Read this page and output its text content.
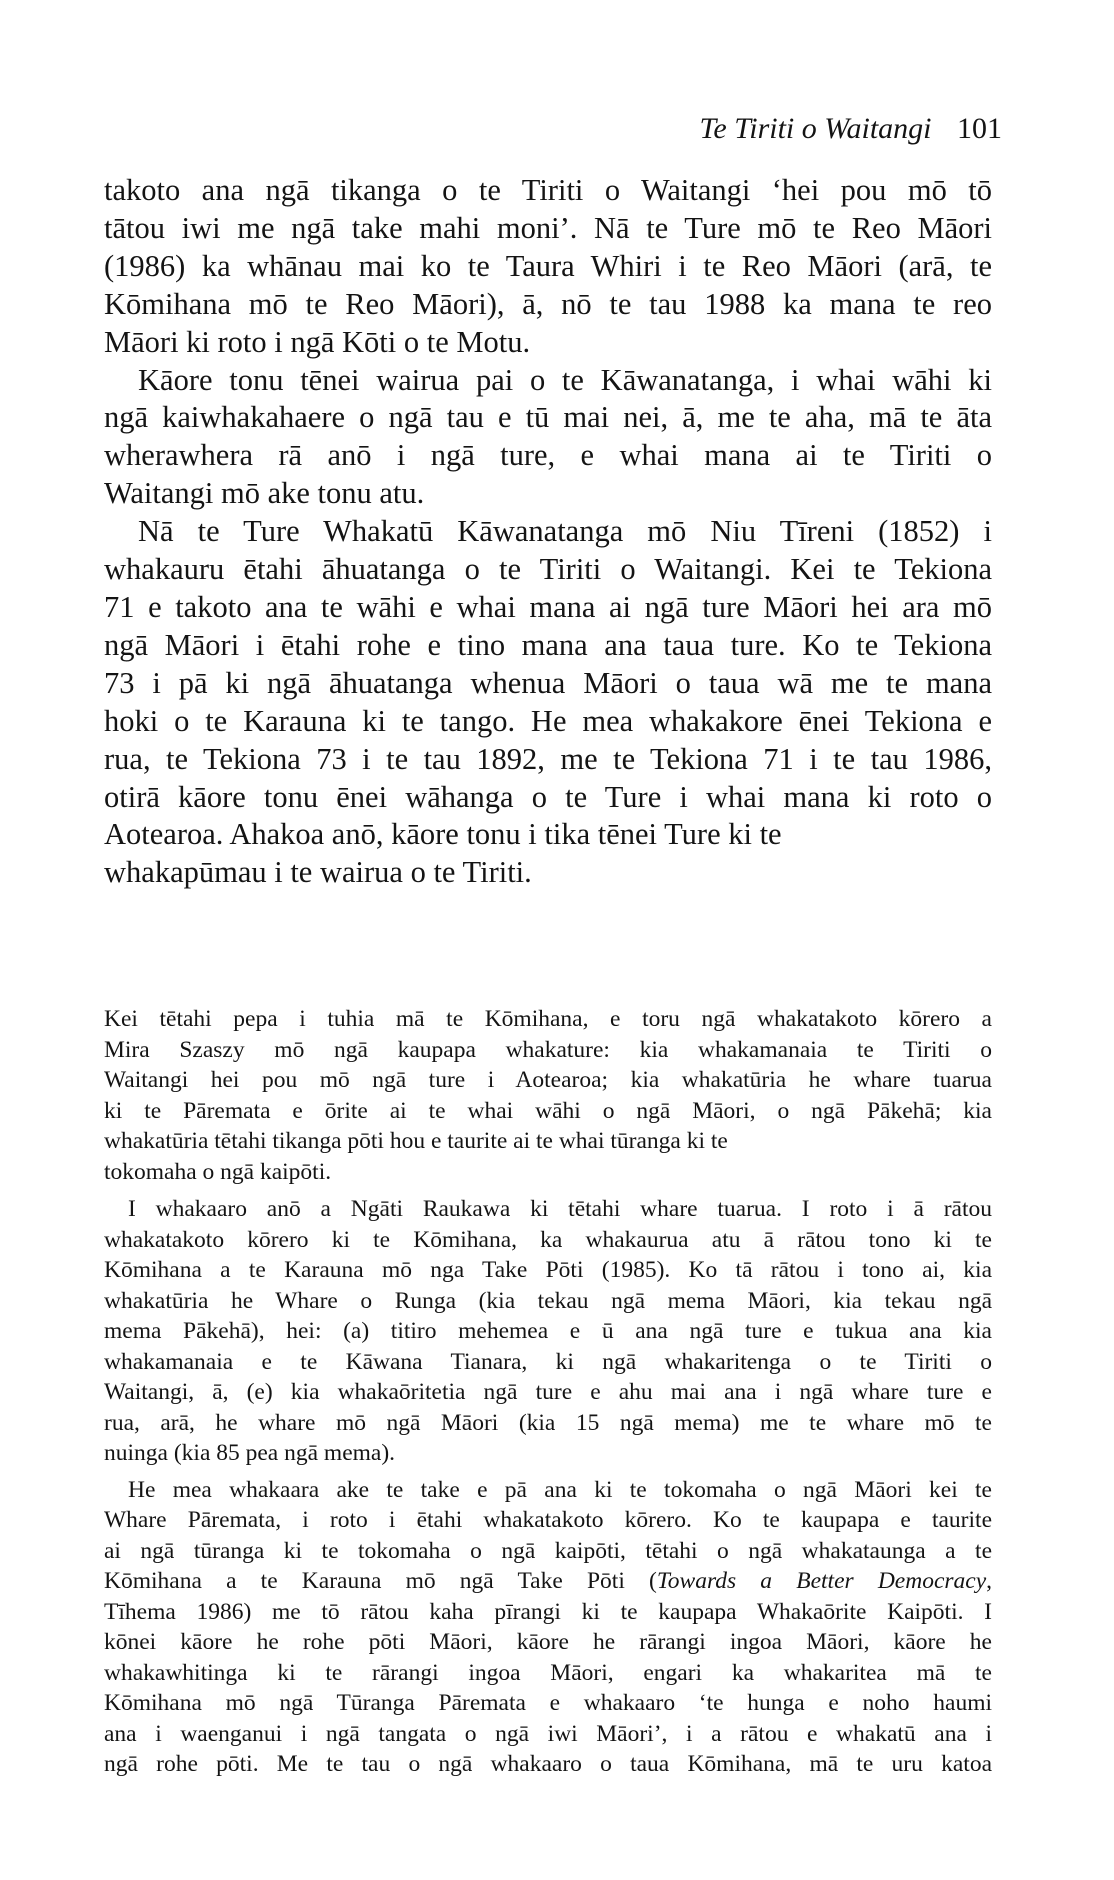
Te Tiriti o Waitangi 101

takoto ana ngā tikanga o te Tiriti o Waitangi ‘hei pou mō tō
tātou iwi me ngā take mahi moni’. Nā te Ture mō te Reo Māori
(1986) ka whānau mai ko te Taura Whiri i te Reo Māori (arā, te
Kōmihana mō te Reo Māori), ā, nō te tau 1988 ka mana te reo
Māori ki roto i ngā Kōti o te Motu.

Kāore tonu tēnei wairua pai o te Kāwanatanga, i whai wāhi ki
ngā kaiwhakahaere o ngā tau e tū mai nei, ā, me te aha, mā te āta
wherawhera rā anō i ngā ture, e whai mana ai te Tiriti o
Waitangi mō ake tonu atu.

Nā te Ture Whakatū Kāwanatanga mō Niu Tīreni (1852) i
whakauru ētahi āhuatanga o te Tiriti o Waitangi. Kei te Tekiona
71 e takoto ana te wāhi e whai mana ai ngā ture Māori hei ara mō
ngā Māori i ētahi rohe e tino mana ana taua ture. Ko te Tekiona
73 i pā ki ngā āhuatanga whenua Māori o taua wā me te mana
hoki o te Karauna ki te tango. He mea whakakore ēnei Tekiona e
rua, te Tekiona 73 i te tau 1892, me te Tekiona 71 i te tau 1986,
otirā kāore tonu ēnei wāhanga o te Ture i whai mana ki roto o
Aotearoa. Ahakoa anō, kāore tonu i tika tēnei Ture ki te
whakapūmau i te wairua o te Tiriti.

Kei tētahi pepa i tuhia mā te Kōmihana, e toru ngā whakatakoto kōrero a
Mira Szaszy mō ngā kaupapa whakature: kia whakamanaia te Tiriti o
Waitangi hei pou mō ngā ture i Aotearoa; kia whakatūria he whare tuarua
ki te Pāremata e ōrite ai te whai wāhi o ngā Māori, o ngā Pākehā; kia
whakatūria tētahi tikanga pōti hou e taurite ai te whai tūranga ki te
tokomaha o ngā kaipōti.

I whakaaro anō a Ngāti Raukawa ki tētahi whare tuarua. I roto i ā rātou
whakatakoto kōrero ki te Kōmihana, ka whakaurua atu ā rātou tono ki te
Kōmihana a te Karauna mō nga Take Pōti (1985). Ko tā rātou i tono ai, kia
whakatūria he Whare o Runga (kia tekau ngā mema Māori, kia tekau ngā
mema Pākehā), hei: (a) titiro mehemea e ū ana ngā ture e tukua ana kia
whakamanaia e te Kāwana Tianara, ki ngā whakaritenga o te Tiriti o
Waitangi, ā, (e) kia whakaōritetia ngā ture e ahu mai ana i ngā whare ture e
rua, arā, he whare mō ngā Māori (kia 15 ngā mema) me te whare mō te
nuinga (kia 85 pea ngā mema).

He mea whakaara ake te take e pā ana ki te tokomaha o ngā Māori kei te
Whare Pāremata, i roto i ētahi whakatakoto kōrero. Ko te kaupapa e taurite
ai ngā tūranga ki te tokomaha o ngā kaipōti, tētahi o ngā whakataunga a te
Kōmihana a te Karauna mō ngā Take Pōti (Towards a Better Democracy,
Tīhema 1986) me tō rātou kaha pīrangi ki te kaupapa Whakaōrite Kaipōti. I
kōnei kāore he rohe pōti Māori, kāore he rārangi ingoa Māori, kāore he
whakawhitinga ki te rārangi ingoa Māori, engari ka whakaritea mā te
Kōmihana mō ngā Tūranga Pāremata e whakaaro ‘te hunga e noho haumi
ana i waenganui i ngā tangata o ngā iwi Māori’, i a rātou e whakatū ana i
ngā rohe pōti. Me te tau o ngā whakaaro o taua Kōmihana, mā te uru katoa
